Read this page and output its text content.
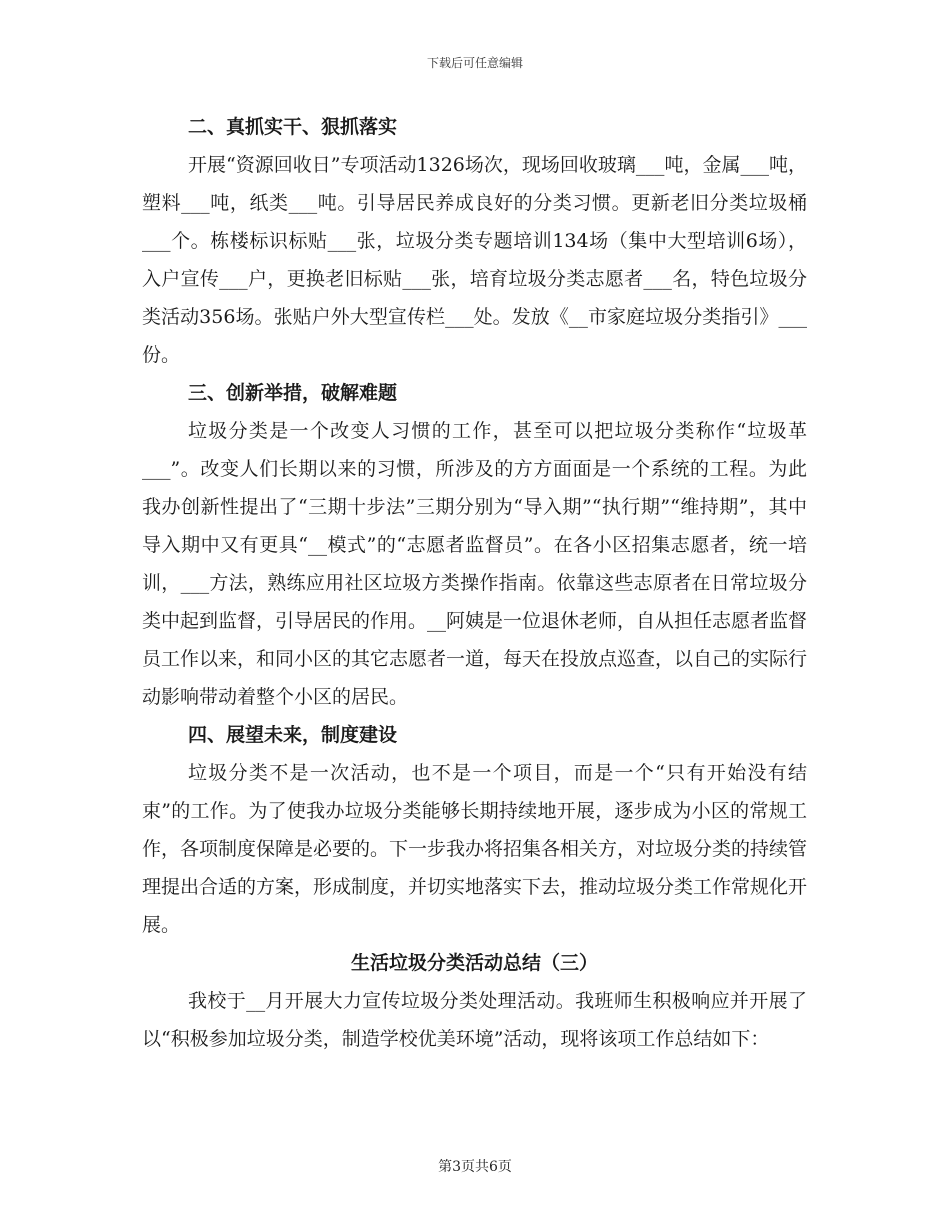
下载后可任意编辑

二、真抓实干、狠抓落实

开展“资源回收日”专项活动1326场次，现场回收玻璃___吨，金属___吨，塑料___吨，纸类___吨。引导居民养成良好的分类习惯。更新老旧分类垃圾桶___个。栋楼标识标贴___张，垃圾分类专题培训134场（集中大型培训6场），入户宣传___户，更换老旧标贴___张，培育垃圾分类志愿者___名，特色垃圾分类活动356场。张贴户外大型宣传栏___处。发放《__市家庭垃圾分类指引》___份。

三、创新举措，破解难题

垃圾分类是一个改变人习惯的工作，甚至可以把垃圾分类称作“垃圾革___”。改变人们长期以来的习惯，所涉及的方方面面是一个系统的工程。为此我办创新性提出了“三期十步法”三期分别为“导入期”“执行期”“维持期”，其中导入期中又有更具“__模式”的“志愿者监督员”。在各小区招集志愿者，统一培训，___方法，熟练应用社区垃圾方类操作指南。依靠这些志原者在日常垃圾分类中起到监督，引导居民的作用。__阿姨是一位退休老师，自从担任志愿者监督员工作以来，和同小区的其它志愿者一道，每天在投放点巡查，以自己的实际行动影响带动着整个小区的居民。

四、展望未来，制度建设

垃圾分类不是一次活动，也不是一个项目，而是一个“只有开始没有结束”的工作。为了使我办垃圾分类能够长期持续地开展，逐步成为小区的常规工作，各项制度保障是必要的。下一步我办将招集各相关方，对垃圾分类的持续管理提出合适的方案，形成制度，并切实地落实下去，推动垃圾分类工作常规化开展。

生活垃圾分类活动总结（三）

我校于__月开展大力宣传垃圾分类处理活动。我班师生积极响应并开展了以“积极参加垃圾分类，制造学校优美环境”活动，现将该项工作总结如下：

第3页共6页
